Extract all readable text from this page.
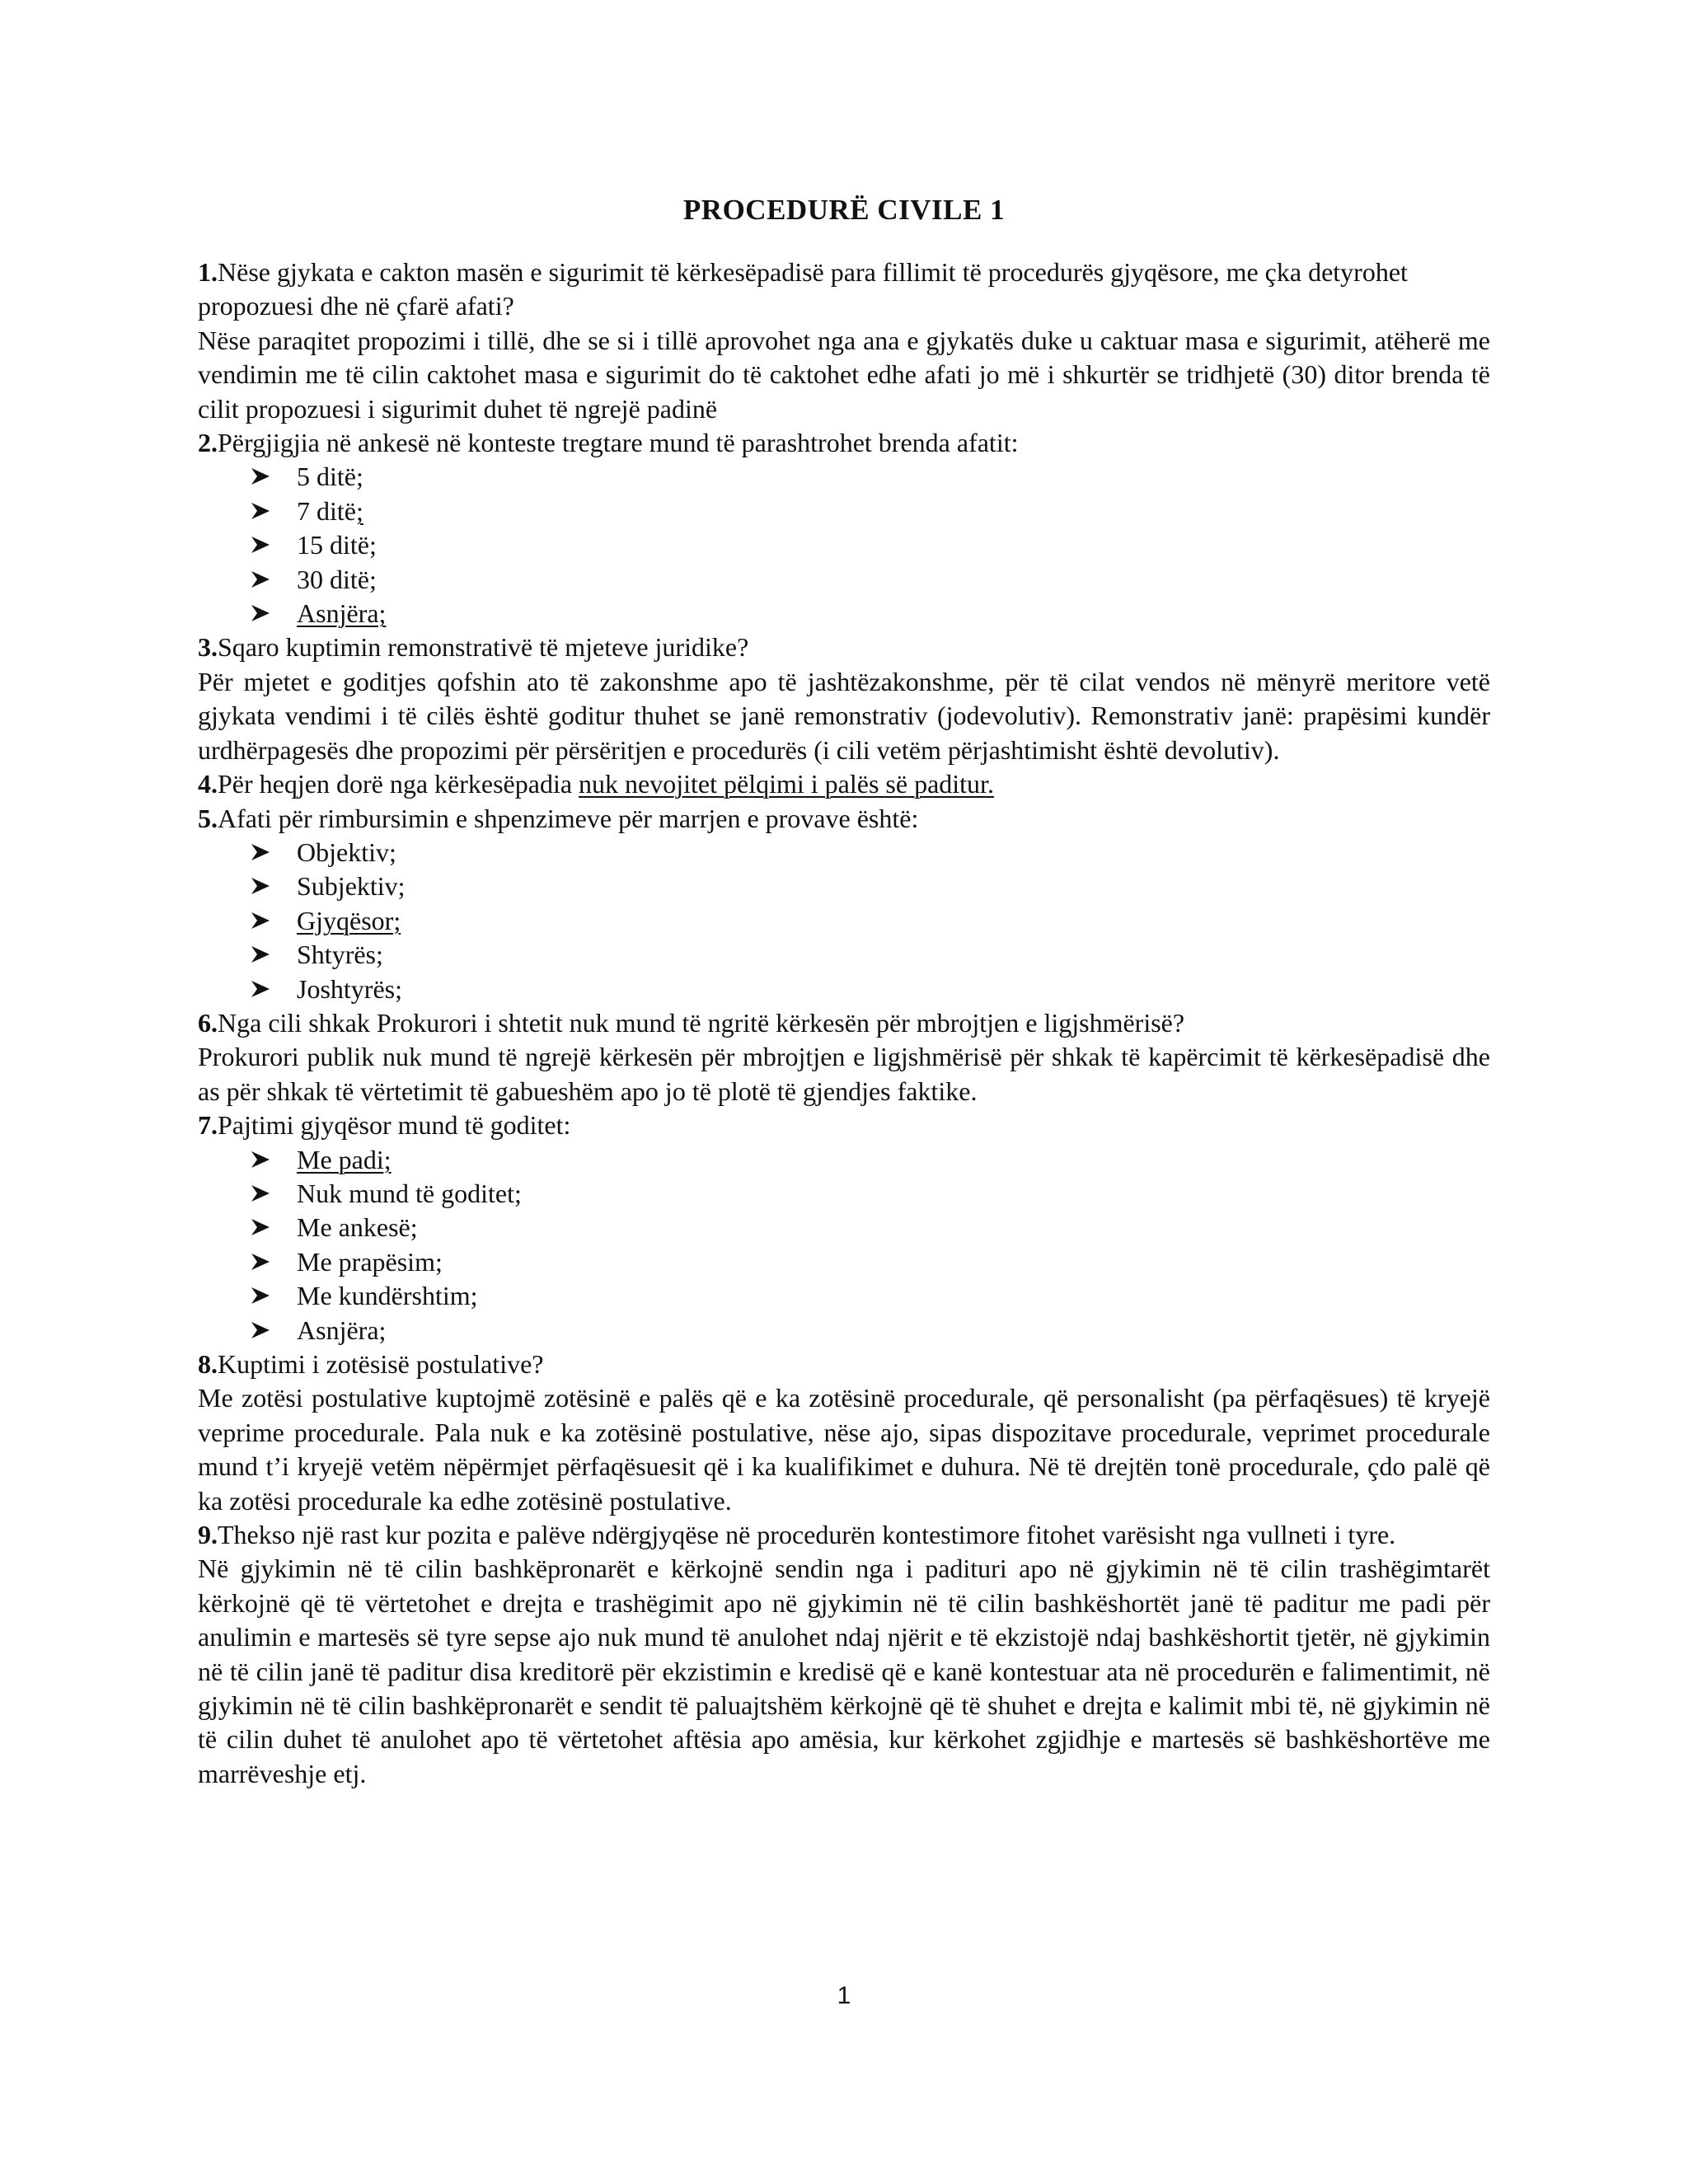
PROCEDURË CIVILE 1

1.Nëse gjykata e cakton masën e sigurimit të kërkesëpadisë para fillimit të procedurës gjyqësore, me çka detyrohet propozuesi dhe në çfarë afati?

Nëse paraqitet propozimi i tillë, dhe se si i tillë aprovohet nga ana e gjykatës duke u caktuar masa e sigurimit, atëherë me vendimin me të cilin caktohet masa e sigurimit do të caktohet edhe afati jo më i shkurtër se tridhjetë (30) ditor brenda të cilit propozuesi i sigurimit duhet të ngrejë padinë

2.Përgjigjia në ankesë në konteste tregtare mund të parashtrohet brenda afatit:

5 ditë;
7 ditë;
15 ditë;
30 ditë;
Asnjëra;

3.Sqaro kuptimin remonstrativë të mjeteve juridike?

Për mjetet e goditjes qofshin ato të zakonshme apo të jashtëzakonshme, për të cilat vendos në mënyrë meritore vetë gjykata vendimi i të cilës është goditur thuhet se janë remonstrativ (jodevolutiv). Remonstrativ janë: prapësimi kundër urdhërpagesës dhe propozimi për përsëritjen e procedurës (i cili vetëm përjashtimisht është devolutiv).

4.Për heqjen dorë nga kërkesëpadia nuk nevojitet pëlqimi i palës së paditur.

5.Afati për rimbursimin e shpenzimeve për marrjen e provave është:

Objektiv;
Subjektiv;
Gjyqësor;
Shtyrës;
Joshtyrës;

6.Nga cili shkak Prokurori i shtetit nuk mund të ngritë kërkesën për mbrojtjen e ligjshmërisë?

Prokurori publik nuk mund të ngrejë kërkesën për mbrojtjen e ligjshmërisë për shkak të kapërcimit të kërkesëpadisë dhe as për shkak të vërtetimit të gabueshëm apo jo të plotë të gjendjes faktike.

7.Pajtimi gjyqësor mund të goditet:

Me padi;
Nuk mund të goditet;
Me ankesë;
Me prapësim;
Me kundërshtim;
Asnjëra;

8.Kuptimi i zotësisë postulative?

Me zotësi postulative kuptojmë zotësinë e palës që e ka zotësinë procedurale, që personalisht (pa përfaqësues) të kryejë veprime procedurale. Pala nuk e ka zotësinë postulative, nëse ajo, sipas dispozitave procedurale, veprimet procedurale mund t’i kryejë vetëm nëpërmjet përfaqësuesit që i ka kualifikimet e duhura. Në të drejtën tonë procedurale, çdo palë që ka zotësi procedurale ka edhe zotësinë postulative.

9.Thekso një rast kur pozita e palëve ndërgjyqëse në procedurën kontestimore fitohet varësisht nga vullneti i tyre.

Në gjykimin në të cilin bashkëpronarët e kërkojnë sendin nga i padituri apo në gjykimin në të cilin trashëgimtarët kërkojnë që të vërtetohet e drejta e trashëgimit apo në gjykimin në të cilin bashkëshortët janë të paditur me padi për anulimin e martesës së tyre sepse ajo nuk mund të anulohet ndaj njërit e të ekzistojë ndaj bashkëshortit tjetër, në gjykimin në të cilin janë të paditur disa kreditorë për ekzistimin e kredisë që e kanë kontestuar ata në procedurën e falimentimit, në gjykimin në të cilin bashkëpronarët e sendit të paluajtshëm kërkojnë që të shuhet e drejta e kalimit mbi të, në gjykimin në të cilin duhet të anulohet apo të vërtetohet aftësia apo amësia, kur kërkohet zgjidhje e martesës së bashkëshortëve me marrëveshje etj.

1
